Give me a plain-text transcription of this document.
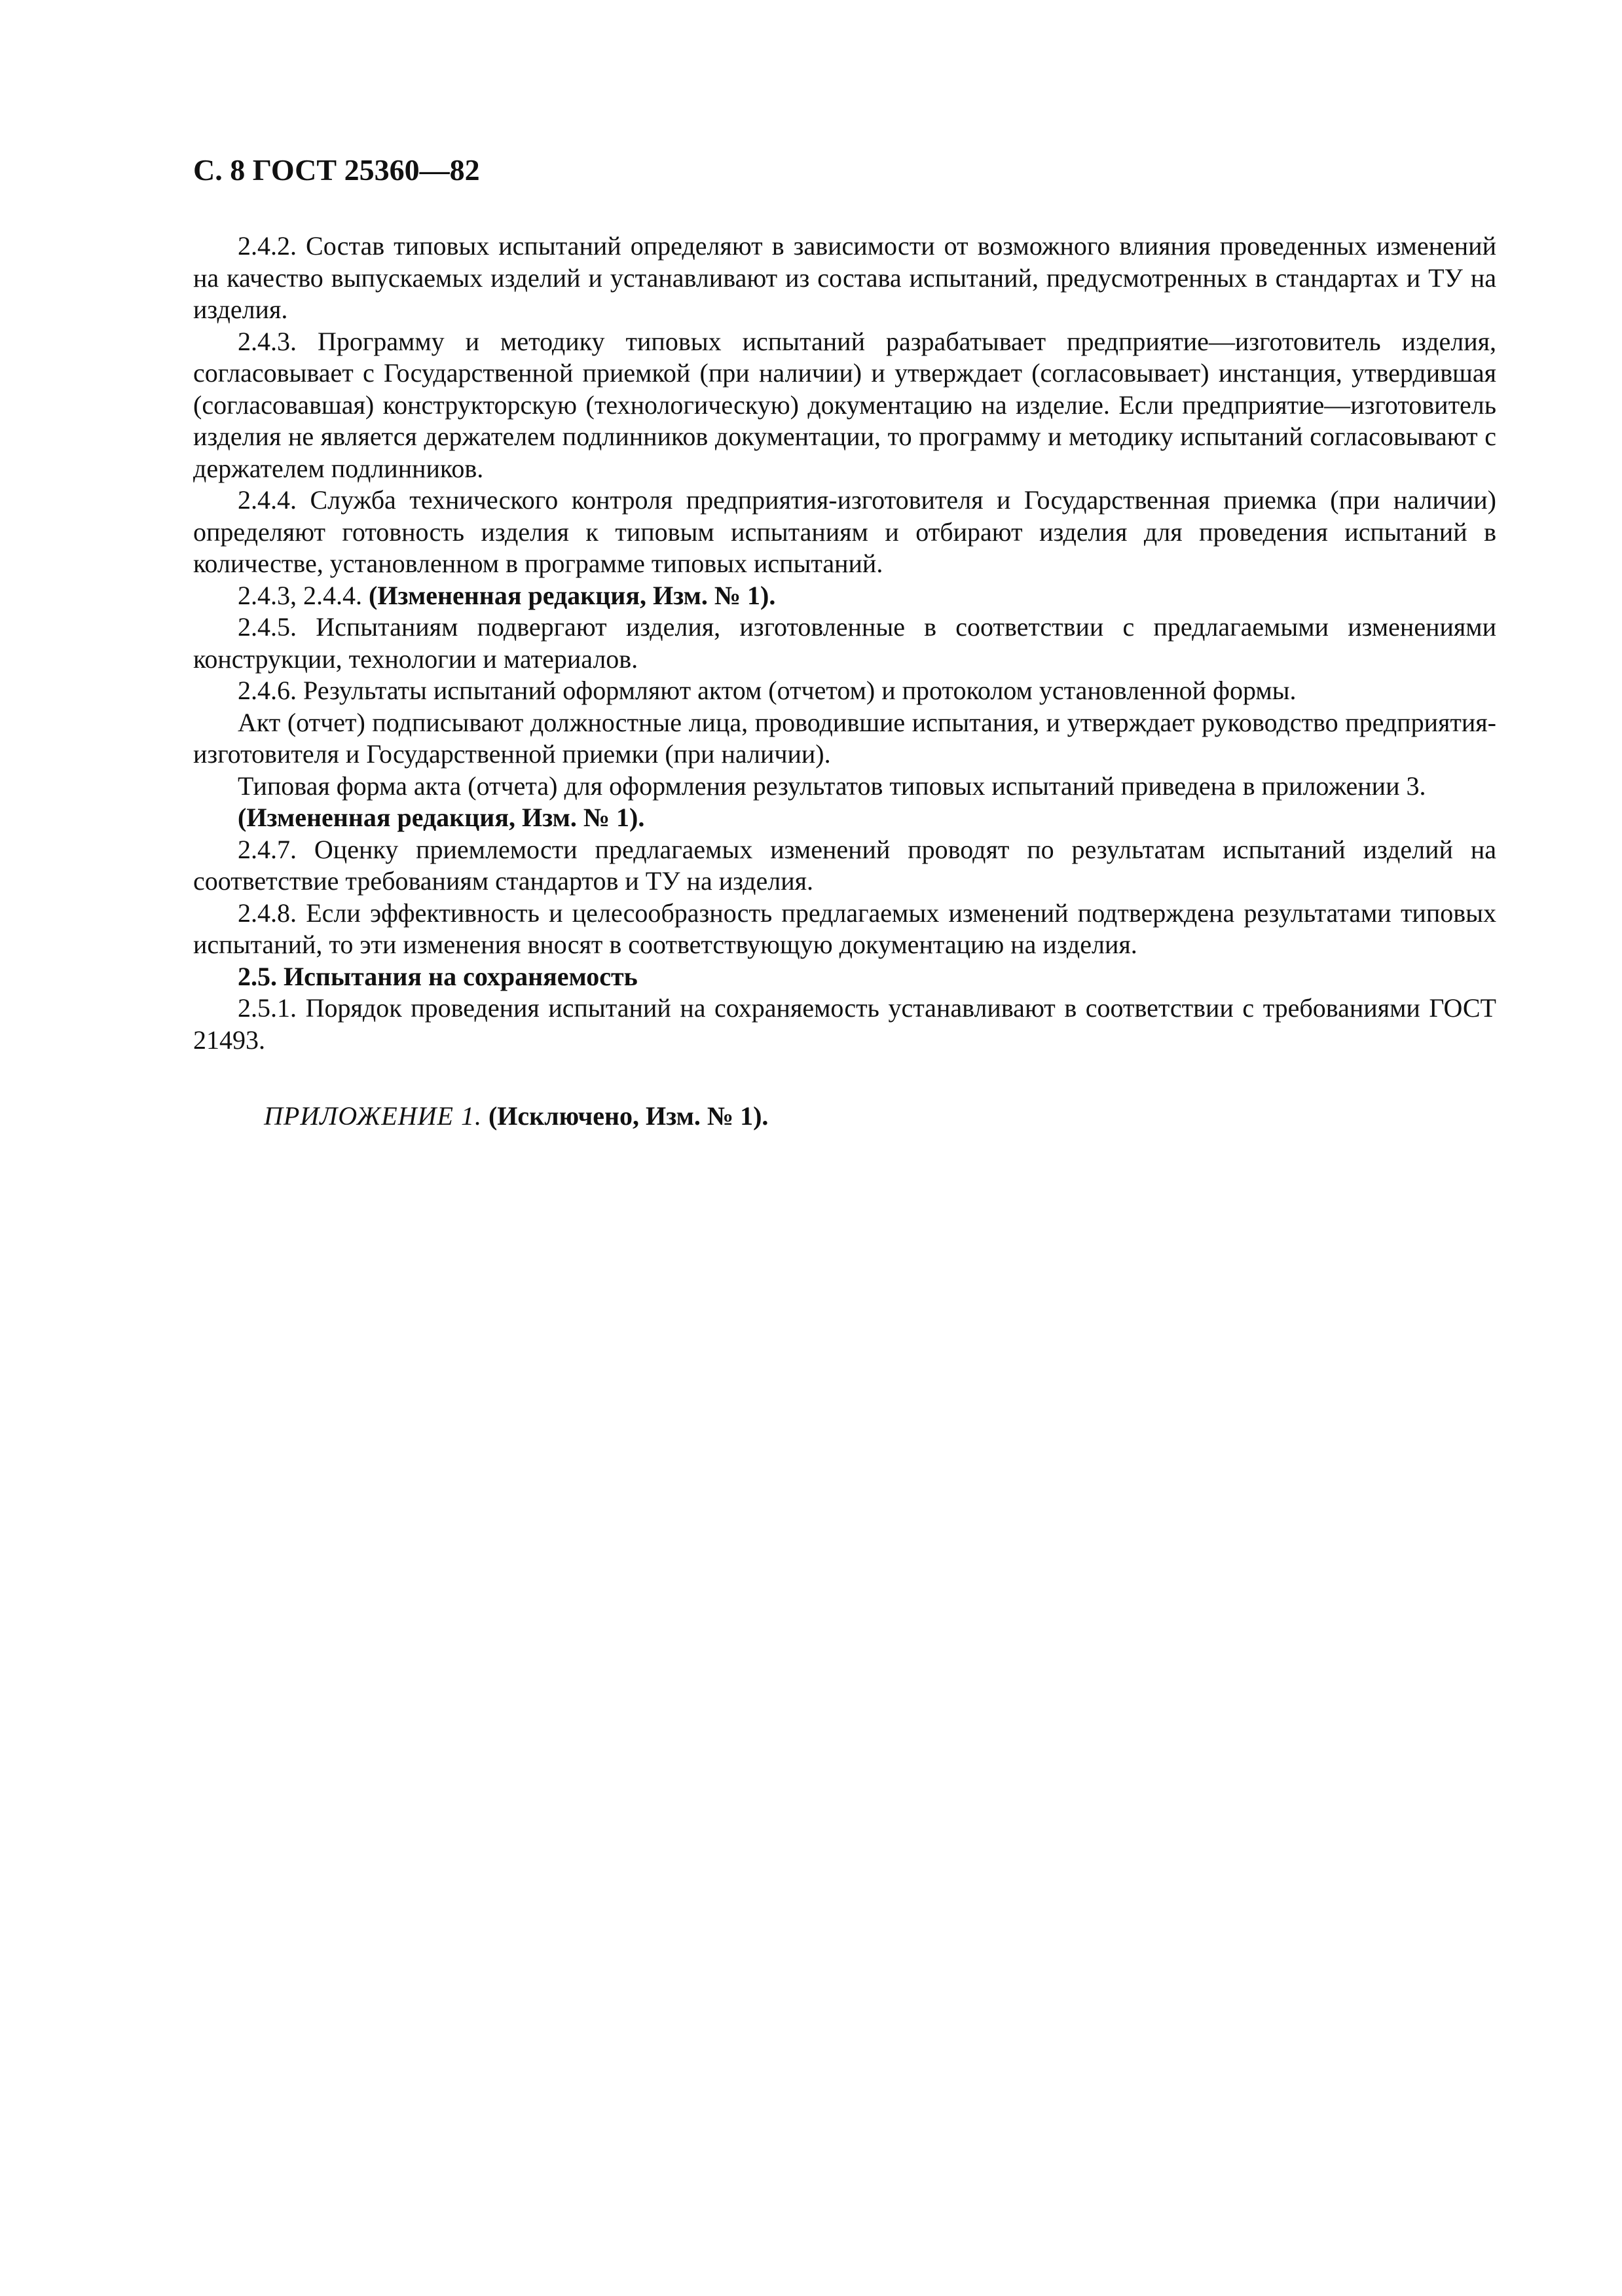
С. 8 ГОСТ 25360—82

2.4.2. Состав типовых испытаний определяют в зависимости от возможного влияния проведенных изменений на качество выпускаемых изделий и устанавливают из состава испытаний, предусмотренных в стандартах и ТУ на изделия.

2.4.3. Программу и методику типовых испытаний разрабатывает предприятие—изготовитель изделия, согласовывает с Государственной приемкой (при наличии) и утверждает (согласовывает) инстанция, утвердившая (согласовавшая) конструкторскую (технологическую) документацию на изделие. Если предприятие—изготовитель изделия не является держателем подлинников документации, то программу и методику испытаний согласовывают с держателем подлинников.

2.4.4. Служба технического контроля предприятия-изготовителя и Государственная приемка (при наличии) определяют готовность изделия к типовым испытаниям и отбирают изделия для проведения испытаний в количестве, установленном в программе типовых испытаний.

2.4.3, 2.4.4. (Измененная редакция, Изм. № 1).

2.4.5. Испытаниям подвергают изделия, изготовленные в соответствии с предлагаемыми изменениями конструкции, технологии и материалов.

2.4.6. Результаты испытаний оформляют актом (отчетом) и протоколом установленной формы.

Акт (отчет) подписывают должностные лица, проводившие испытания, и утверждает руководство предприятия-изготовителя и Государственной приемки (при наличии).

Типовая форма акта (отчета) для оформления результатов типовых испытаний приведена в приложении 3.

(Измененная редакция, Изм. № 1).

2.4.7. Оценку приемлемости предлагаемых изменений проводят по результатам испытаний изделий на соответствие требованиям стандартов и ТУ на изделия.

2.4.8. Если эффективность и целесообразность предлагаемых изменений подтверждена результатами типовых испытаний, то эти изменения вносят в соответствующую документацию на изделия.

2.5. Испытания на сохраняемость

2.5.1. Порядок проведения испытаний на сохраняемость устанавливают в соответствии с требованиями ГОСТ 21493.

ПРИЛОЖЕНИЕ 1. (Исключено, Изм. № 1).
